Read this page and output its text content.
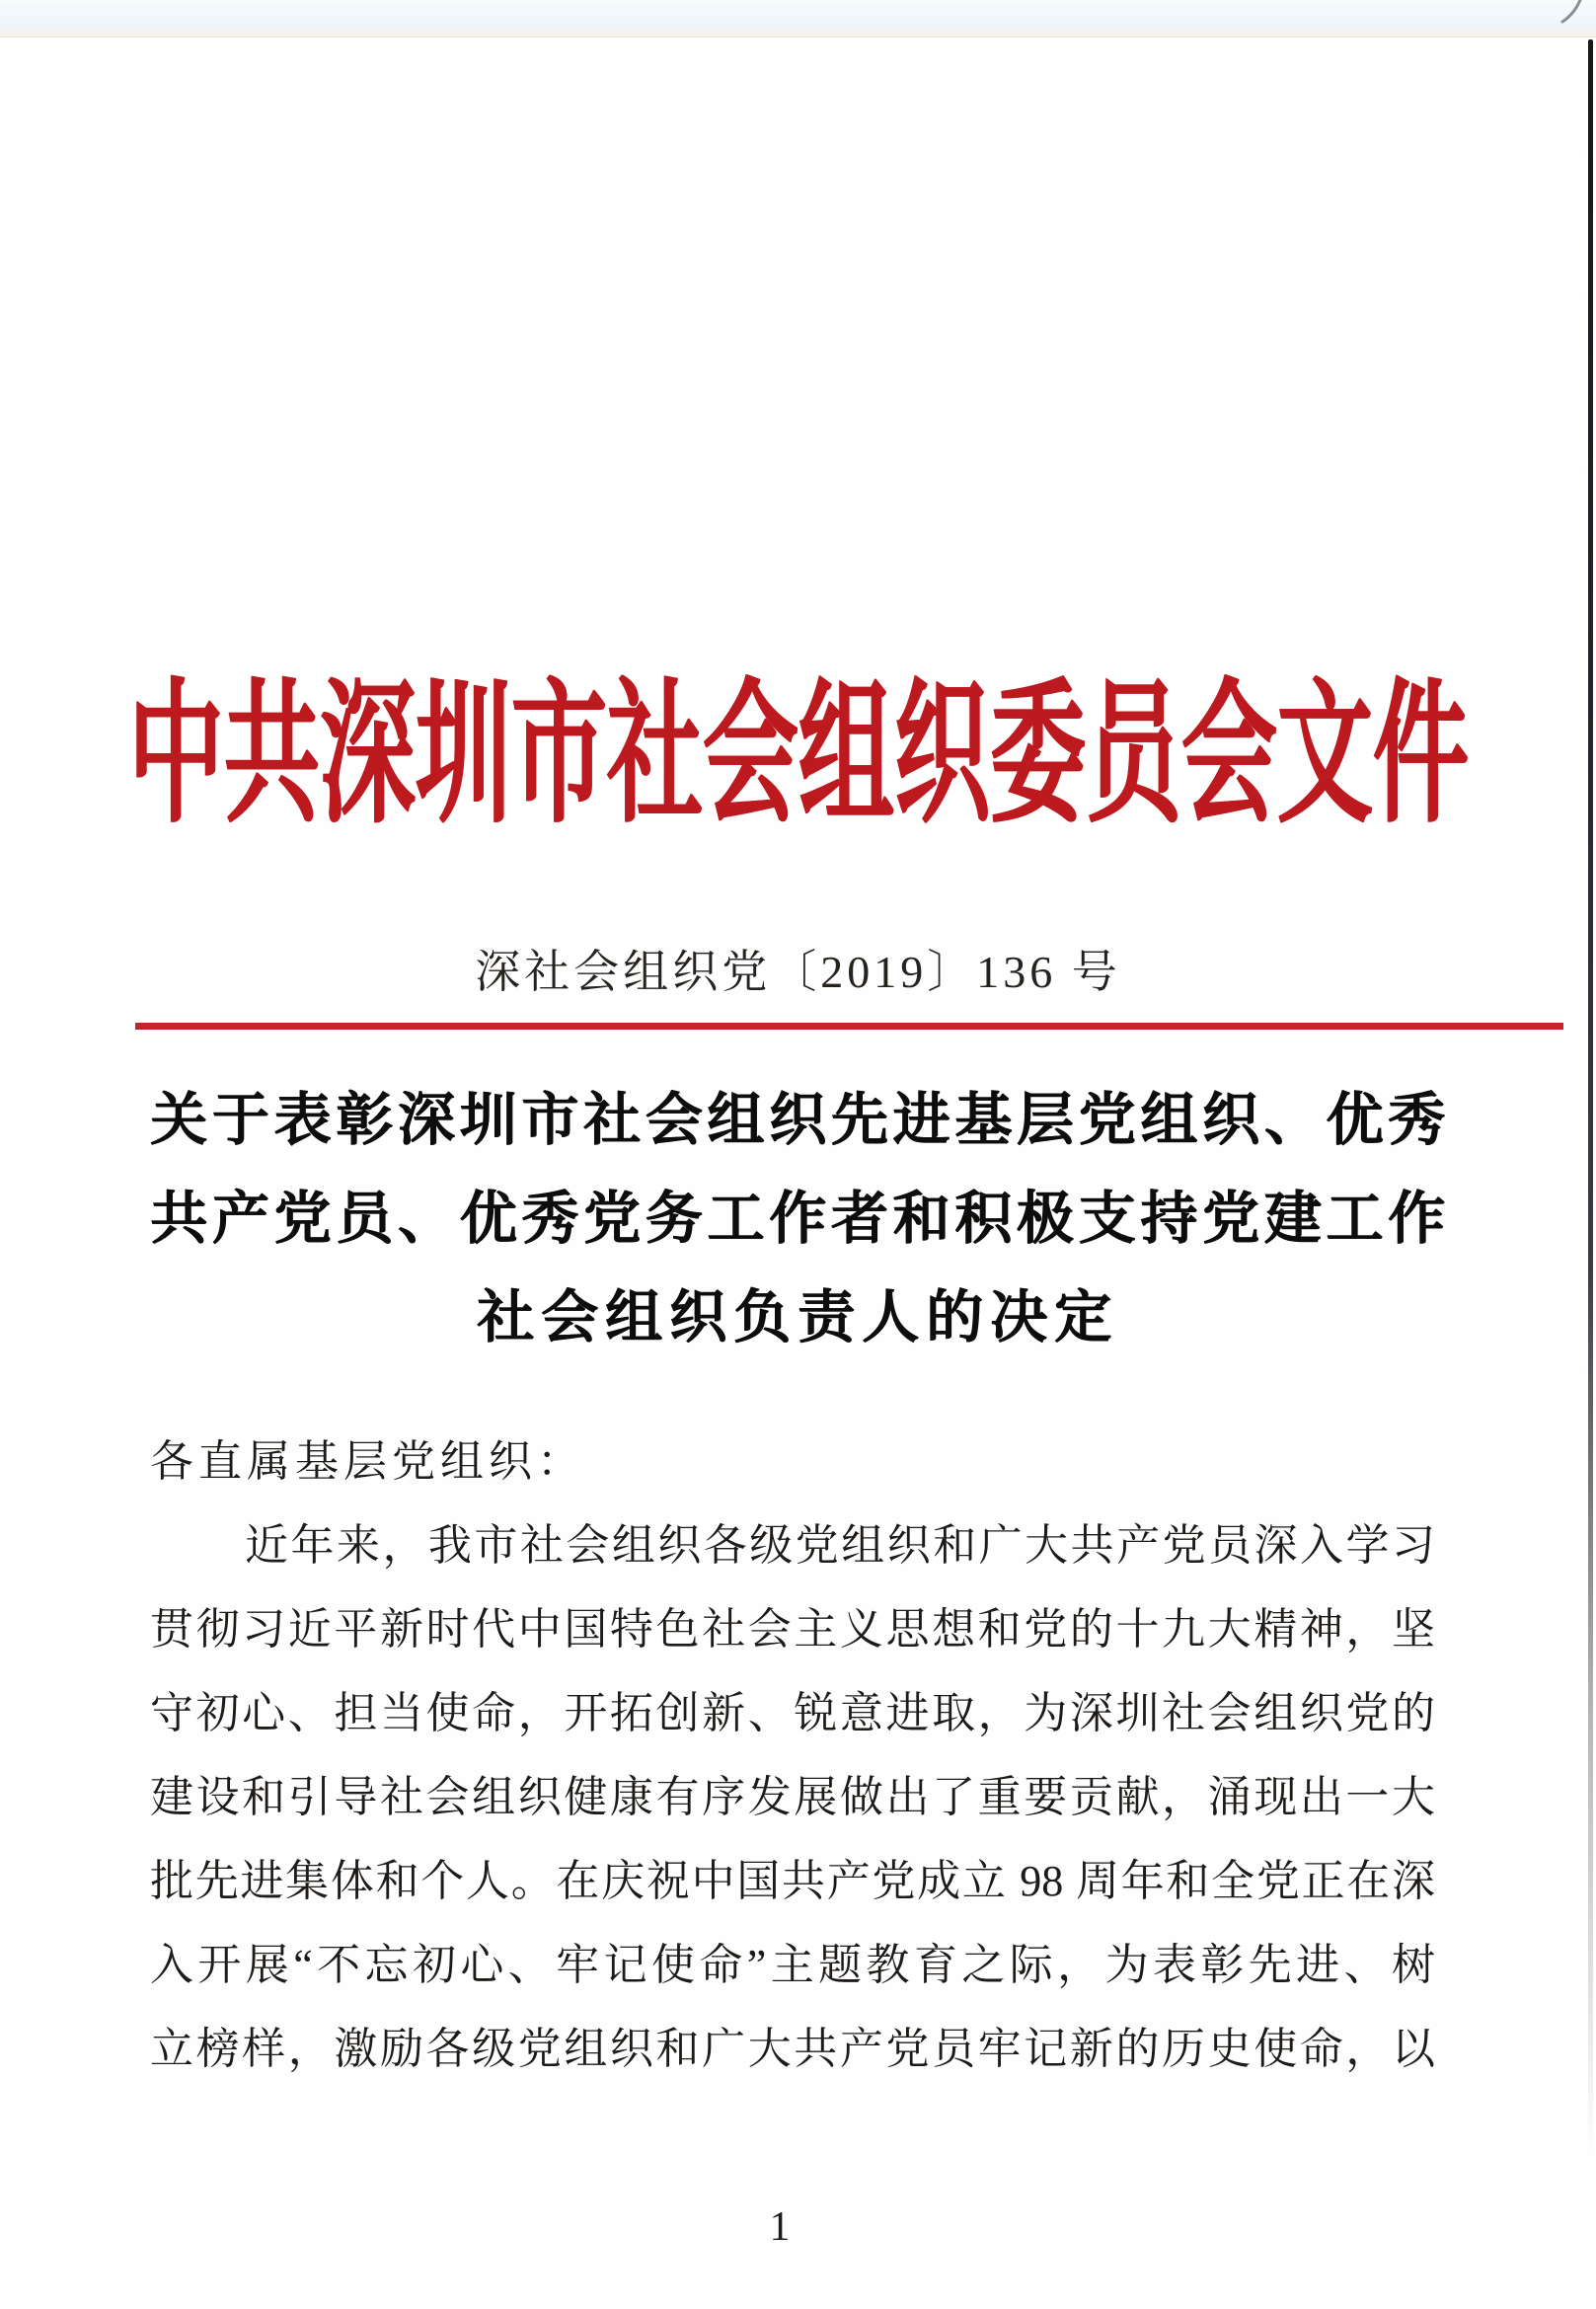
中共深圳市社会组织委员会文件
深社会组织党〔2019〕136 号
关于表彰深圳市社会组织先进基层党组织、优秀
共产党员、优秀党务工作者和积极支持党建工作
社会组织负责人的决定
各直属基层党组织：
近年来，我市社会组织各级党组织和广大共产党员深入学习
贯彻习近平新时代中国特色社会主义思想和党的十九大精神，坚
守初心、担当使命，开拓创新、锐意进取，为深圳社会组织党的
建设和引导社会组织健康有序发展做出了重要贡献，涌现出一大
批先进集体和个人。在庆祝中国共产党成立 98 周年和全党正在深
入开展“不忘初心、牢记使命”主题教育之际，为表彰先进、树
立榜样，激励各级党组织和广大共产党员牢记新的历史使命，以
1
